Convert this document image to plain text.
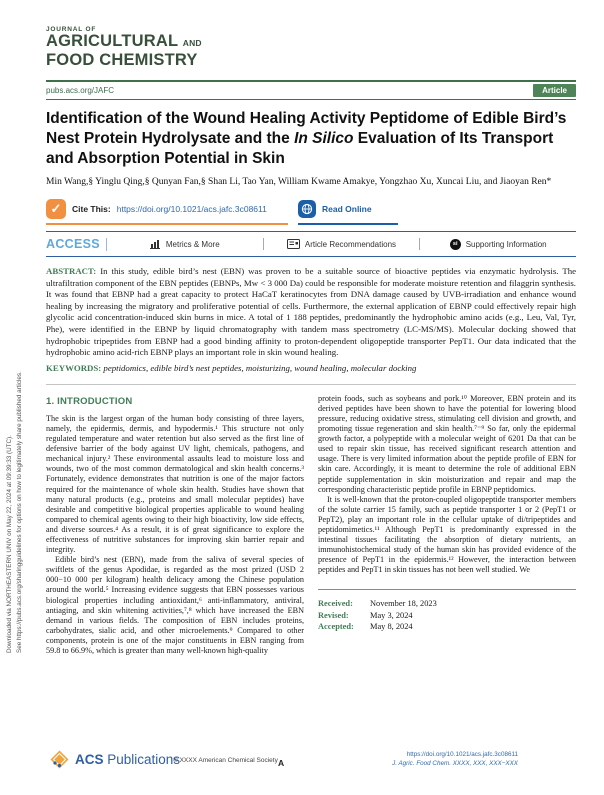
Downloaded via NORTHEASTERN UNIV on May 22, 2024 at 09:39:33 (UTC). See https://pubs.acs.org/sharingguidelines for options on how to legitimately share published articles.
JOURNAL OF
AGRICULTURAL AND
FOOD CHEMISTRY
pubs.acs.org/JAFC	Article
Identification of the Wound Healing Activity Peptidome of Edible Bird’s Nest Protein Hydrolysate and the In Silico Evaluation of Its Transport and Absorption Potential in Skin
Min Wang,§ Yinglu Qing,§ Qunyan Fan,§ Shan Li, Tao Yan, William Kwame Amakye, Yongzhao Xu, Xuncai Liu, and Jiaoyan Ren*
✓	Cite This: https://doi.org/10.1021/acs.jafc.3c08611	Read Online
ACCESS	Metrics & More	Article Recommendations	si	Supporting Information
ABSTRACT: In this study, edible bird’s nest (EBN) was proven to be a suitable source of bioactive peptides via enzymatic hydrolysis. The ultrafiltration component of the EBN peptides (EBNPs, Mw < 3 000 Da) could be responsible for moderate moisture retention and filaggrin synthesis. It was found that EBNP had a great capacity to protect HaCaT keratinocytes from DNA damage caused by UVB-irradiation and enhance wound healing by increasing the migratory and proliferative potential of cells. Furthermore, the external application of EBNP could effectively repair high glycolic acid concentration-induced skin burns in mice. A total of 1 188 peptides, predominantly the hydrophobic amino acids (e.g., Leu, Val, Tyr, Phe), were identified in the EBNP by liquid chromatography with tandem mass spectrometry (LC-MS/MS). Molecular docking showed that hydrophobic tripeptides from EBNP had a good binding affinity to proton-dependent oligopeptide transporter PepT1. Our data indicated that the hydrophobic amino acid-rich EBNP plays an important role in skin wound healing.
KEYWORDS: peptidomics, edible bird’s nest peptides, moisturizing, wound healing, molecular docking
1. INTRODUCTION

The skin is the largest organ of the human body consisting of three layers, namely, the epidermis, dermis, and hypodermis.¹ This structure not only regulated temperature and water retention but also served as the first line of defensive barrier of the body against UV light, chemicals, pathogens, and mechanical injury.² These environmental assaults lead to moisture loss and wounds, two of the most common dermatological and skin health concerns.³ Fortunately, evidence demonstrates that nutrition is one of the major factors required for the maintenance of whole skin health. Studies have shown that many natural products (e.g., proteins and small molecular peptides) have desirable and competitive biological properties applicable to wound healing compared to chemical agents owing to their high bioactivity, low side effects, and diverse sources.⁴ As a result, it is of great significance to explore the effectiveness of nutritive substances for improving skin barrier repair and integrity.

Edible bird’s nest (EBN), made from the saliva of several species of swiftlets of the genus Apodidae, is regarded as the most prized (USD 2 000−10 000 per kilogram) health delicacy among the Chinese population around the world.⁵ Increasing evidence suggests that EBN possesses various biological properties including antioxidant,⁶ anti-inflammatory, antiviral, antiaging, and skin whitening activities,⁷,⁸ which have increased the EBN demand in various fields. The composition of EBN includes proteins, carbohydrates, sialic acid, and other microelements.⁹ Compared to other components, protein is one of the major constituents in EBN ranging from 59.8 to 66.9%, which is greater than many well-known high-quality

protein foods, such as soybeans and pork.¹⁰ Moreover, EBN protein and its derived peptides have been shown to have the potential for lowering blood pressure, reducing oxidative stress, stimulating cell division and growth, and promoting tissue regeneration and skin health.⁷⁻⁹ So far, only the epidermal growth factor, a polypeptide with a molecular weight of 6201 Da that can be used to repair skin tissue, has received significant research attention and usage. There is very limited information about the peptide profile of EBN for skin care. Accordingly, it is meant to determine the role of additional EBN peptide supplementation in skin moisturization and repair and map the corresponding characteristic peptide profile in EBNP peptidomics.

It is well-known that the proton-coupled oligopeptide transporter members of the solute carrier 15 family, such as peptide transporter 1 or 2 (PepT1 or PepT2), play an important role in the cellular uptake of di/tripeptides and peptidomimetics.¹¹ Although PepT1 is predominantly expressed in the intestinal tissues facilitating the absorption of dietary nutrients, an immunohistochemical study of the human skin has provided evidence of the presence of PepT1 in the epidermis.¹² However, the interaction between peptides and PepT1 in skin tissues has not been well studied. We

Received:	November 18, 2023
Revised:	May 3, 2024
Accepted:	May 8, 2024
ACS Publications
© XXXX American Chemical Society A
https://doi.org/10.1021/acs.jafc.3c08611
J. Agric. Food Chem. XXXX, XXX, XXX−XXX
